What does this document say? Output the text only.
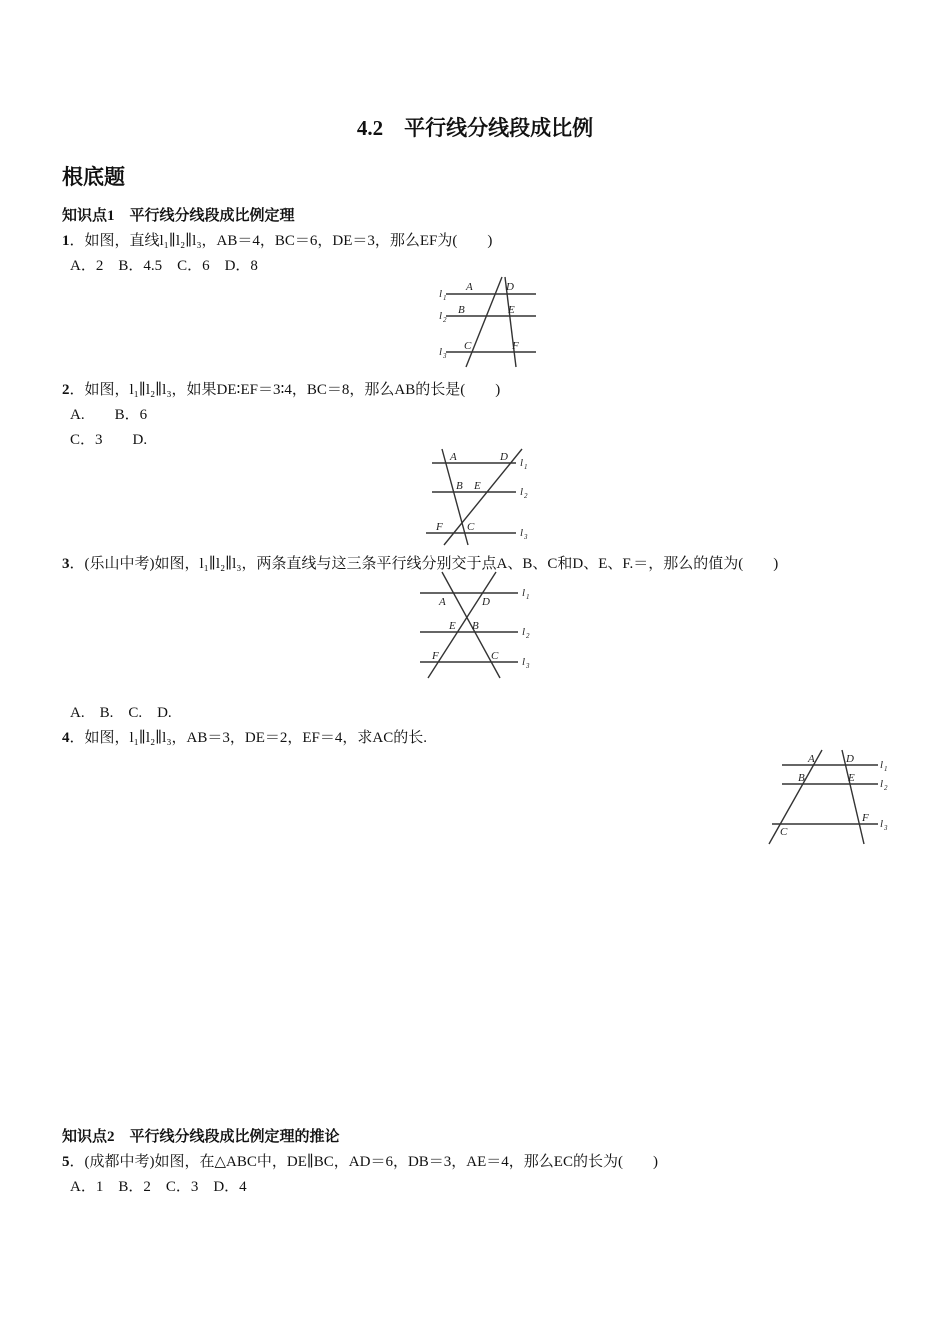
4.2　平行线分线段成比例
根底题
知识点1　平行线分线段成比例定理
1．如图，直线l₁∥l₂∥l₃，AB＝4，BC＝6，DE＝3，那么EF为(　　)
A．2　B．4.5　C．6　D．8
l 1
l 2
l 3
A	D
B	E
C	F
2．如图，l₁∥l₂∥l₃，如果DE∶EF＝3∶4，BC＝8，那么AB的长是(　　)
A.　　B．6
C．3　　D.
l 1
l 2
l 3
A	D
B E
F C
3．(乐山中考)如图，l₁∥l₂∥l₃，两条直线与这三条平行线分别交于点A、B、C和D、E、F.＝，那么的值为(　　)
l 1
l 2
l 3
A	D
E B
F	C
A.　B.　C.　D.
4．如图，l₁∥l₂∥l₃，AB＝3，DE＝2，EF＝4，求AC的长.
l 1
l 2
l 3
A	D
B	E
F
C
知识点2　平行线分线段成比例定理的推论
5．(成都中考)如图，在△ABC中，DE∥BC，AD＝6，DB＝3，AE＝4，那么EC的长为(　　)
A．1　B．2　C．3　D．4
